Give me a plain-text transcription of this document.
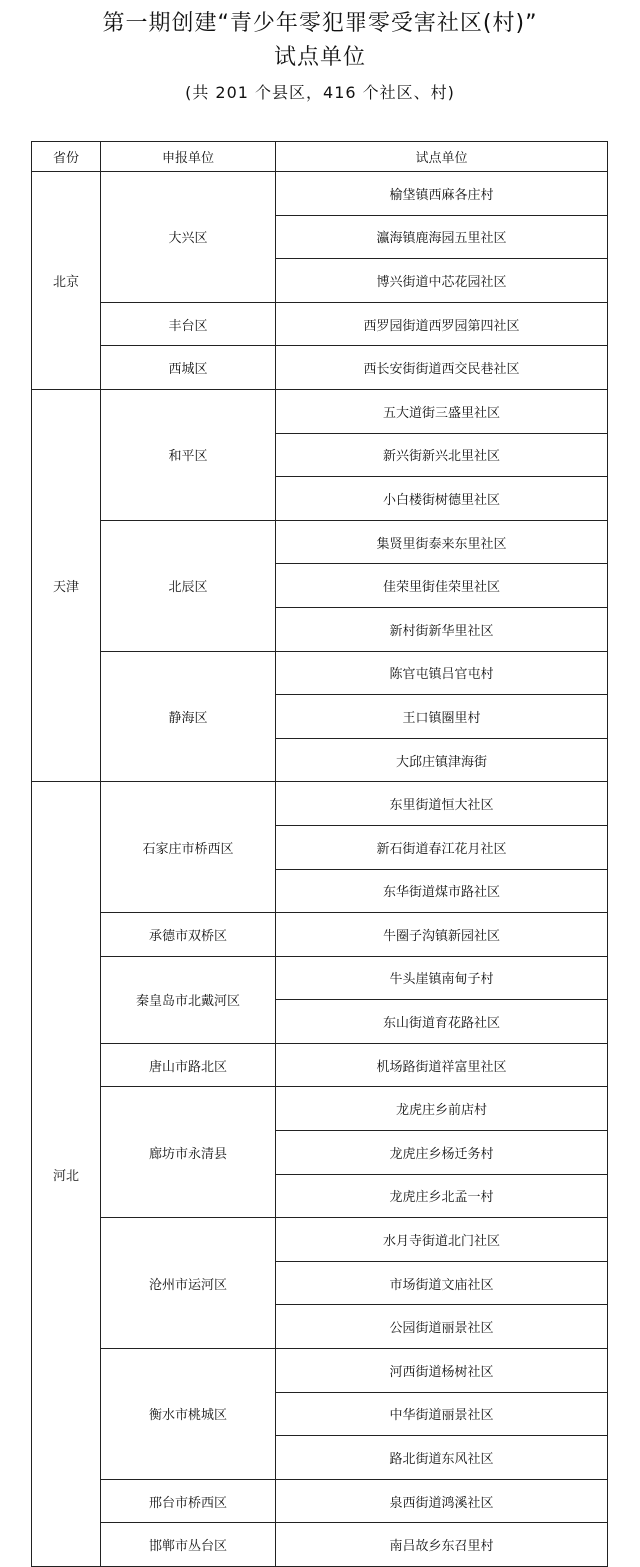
第一期创建“青少年零犯罪零受害社区(村)”
试点单位
(共 201 个县区，416 个社区、村)
省份	申报单位	试点单位
北京	大兴区	榆垡镇西麻各庄村
		瀛海镇鹿海园五里社区
		博兴街道中芯花园社区
	丰台区	西罗园街道西罗园第四社区
	西城区	西长安街街道西交民巷社区
天津	和平区	五大道街三盛里社区
		新兴街新兴北里社区
		小白楼街树德里社区
	北辰区	集贤里街泰来东里社区
		佳荣里街佳荣里社区
		新村街新华里社区
	静海区	陈官屯镇吕官屯村
		王口镇圈里村
		大邱庄镇津海街
河北	石家庄市桥西区	东里街道恒大社区
		新石街道春江花月社区
		东华街道煤市路社区
	承德市双桥区	牛圈子沟镇新园社区
	秦皇岛市北戴河区	牛头崖镇南甸子村
		东山街道育花路社区
	唐山市路北区	机场路街道祥富里社区
	廊坊市永清县	龙虎庄乡前店村
		龙虎庄乡杨迁务村
		龙虎庄乡北孟一村
	沧州市运河区	水月寺街道北门社区
		市场街道文庙社区
		公园街道丽景社区
	衡水市桃城区	河西街道杨树社区
		中华街道丽景社区
		路北街道东风社区
	邢台市桥西区	泉西街道鸿溪社区
	邯郸市丛台区	南吕故乡东召里村
